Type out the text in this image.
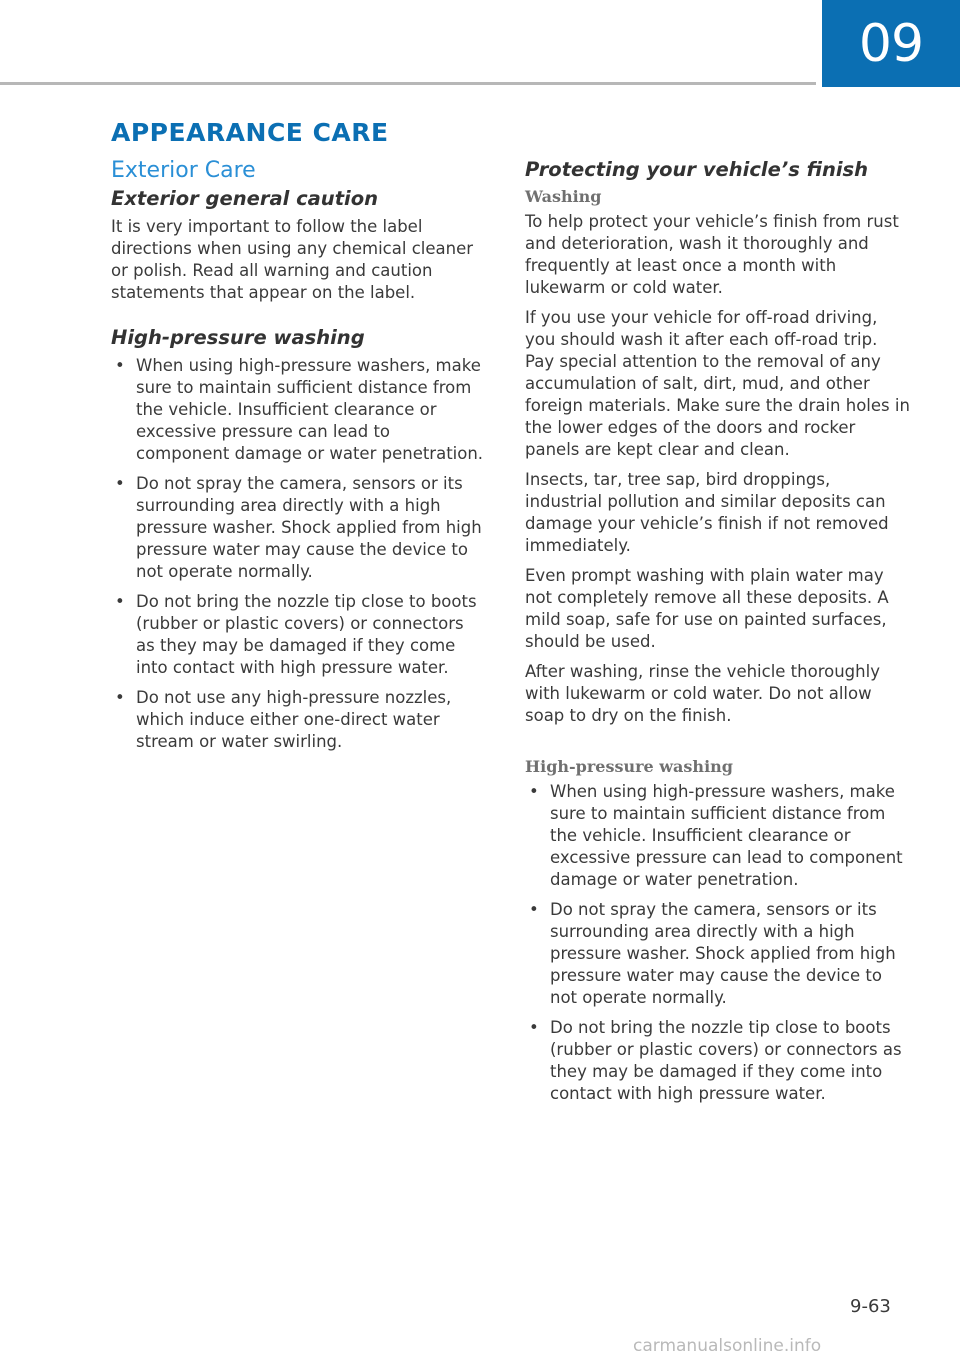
09
APPEARANCE CARE
Exterior Care
Exterior general caution

It is very important to follow the label directions when using any chemical cleaner or polish. Read all warning and caution statements that appear on the label.

High-pressure washing
• When using high-pressure washers, make sure to maintain sufficient distance from the vehicle. Insufficient clearance or excessive pressure can lead to component damage or water penetration.
• Do not spray the camera, sensors or its surrounding area directly with a high pressure washer. Shock applied from high pressure water may cause the device to not operate normally.
• Do not bring the nozzle tip close to boots (rubber or plastic covers) or connectors as they may be damaged if they come into contact with high pressure water.
• Do not use any high-pressure nozzles, which induce either one-direct water stream or water swirling.
Protecting your vehicle’s finish
Washing

To help protect your vehicle’s finish from rust and deterioration, wash it thoroughly and frequently at least once a month with lukewarm or cold water.

If you use your vehicle for off-road driving, you should wash it after each off-road trip. Pay special attention to the removal of any accumulation of salt, dirt, mud, and other foreign materials. Make sure the drain holes in the lower edges of the doors and rocker panels are kept clear and clean.

Insects, tar, tree sap, bird droppings, industrial pollution and similar deposits can damage your vehicle’s finish if not removed immediately.

Even prompt washing with plain water may not completely remove all these deposits. A mild soap, safe for use on painted surfaces, should be used.

After washing, rinse the vehicle thoroughly with lukewarm or cold water. Do not allow soap to dry on the finish.

High-pressure washing
• When using high-pressure washers, make sure to maintain sufficient distance from the vehicle. Insufficient clearance or excessive pressure can lead to component damage or water penetration.
• Do not spray the camera, sensors or its surrounding area directly with a high pressure washer. Shock applied from high pressure water may cause the device to not operate normally.
• Do not bring the nozzle tip close to boots (rubber or plastic covers) or connectors as they may be damaged if they come into contact with high pressure water.
9-63
carmanualsonline.info
